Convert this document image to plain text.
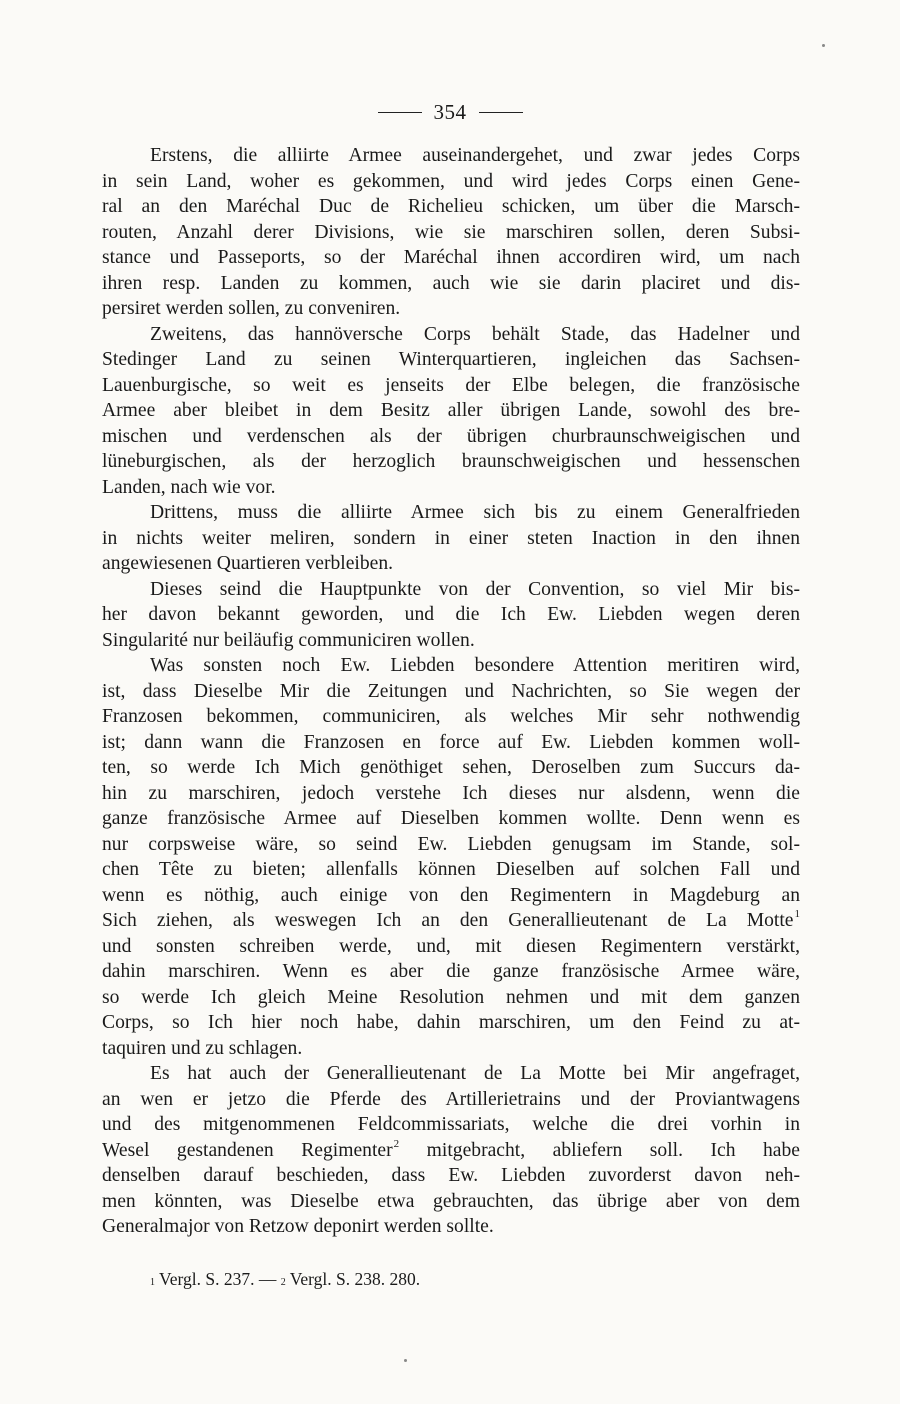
354
Erstens, die alliirte Armee auseinandergehet, und zwar jedes Corps
in sein Land, woher es gekommen, und wird jedes Corps einen Gene-
ral an den Maréchal Duc de Richelieu schicken, um über die Marsch-
routen, Anzahl derer Divisions, wie sie marschiren sollen, deren Subsi-
stance und Passeports, so der Maréchal ihnen accordiren wird, um nach
ihren resp. Landen zu kommen, auch wie sie darin placiret und dis-
persiret werden sollen, zu conveniren.
Zweitens, das hannöversche Corps behält Stade, das Hadelner und
Stedinger Land zu seinen Winterquartieren, ingleichen das Sachsen-
Lauenburgische, so weit es jenseits der Elbe belegen, die französische
Armee aber bleibet in dem Besitz aller übrigen Lande, sowohl des bre-
mischen und verdenschen als der übrigen churbraunschweigischen und
lüneburgischen, als der herzoglich braunschweigischen und hessenschen
Landen, nach wie vor.
Drittens, muss die alliirte Armee sich bis zu einem Generalfrieden
in nichts weiter meliren, sondern in einer steten Inaction in den ihnen
angewiesenen Quartieren verbleiben.
Dieses seind die Hauptpunkte von der Convention, so viel Mir bis-
her davon bekannt geworden, und die Ich Ew. Liebden wegen deren
Singularité nur beiläufig communiciren wollen.
Was sonsten noch Ew. Liebden besondere Attention meritiren wird,
ist, dass Dieselbe Mir die Zeitungen und Nachrichten, so Sie wegen der
Franzosen bekommen, communiciren, als welches Mir sehr nothwendig
ist; dann wann die Franzosen en force auf Ew. Liebden kommen woll-
ten, so werde Ich Mich genöthiget sehen, Deroselben zum Succurs da-
hin zu marschiren, jedoch verstehe Ich dieses nur alsdenn, wenn die
ganze französische Armee auf Dieselben kommen wollte. Denn wenn es
nur corpsweise wäre, so seind Ew. Liebden genugsam im Stande, sol-
chen Tête zu bieten; allenfalls können Dieselben auf solchen Fall und
wenn es nöthig, auch einige von den Regimentern in Magdeburg an
Sich ziehen, als weswegen Ich an den Generallieutenant de La Motte$^1$
und sonsten schreiben werde, und, mit diesen Regimentern verstärkt,
dahin marschiren. Wenn es aber die ganze französische Armee wäre,
so werde Ich gleich Meine Resolution nehmen und mit dem ganzen
Corps, so Ich hier noch habe, dahin marschiren, um den Feind zu at-
taquiren und zu schlagen.
Es hat auch der Generallieutenant de La Motte bei Mir angefraget,
an wen er jetzo die Pferde des Artillerietrains und der Proviantwagens
und des mitgenommenen Feldcommissariats, welche die drei vorhin in
Wesel gestandenen Regimenter$^2$ mitgebracht, abliefern soll. Ich habe
denselben darauf beschieden, dass Ew. Liebden zuvorderst davon neh-
men könnten, was Dieselbe etwa gebrauchten, das übrige aber von dem
Generalmajor von Retzow deponirt werden sollte.
$^1$ Vergl. S. 237. — $^2$ Vergl. S. 238. 280.
